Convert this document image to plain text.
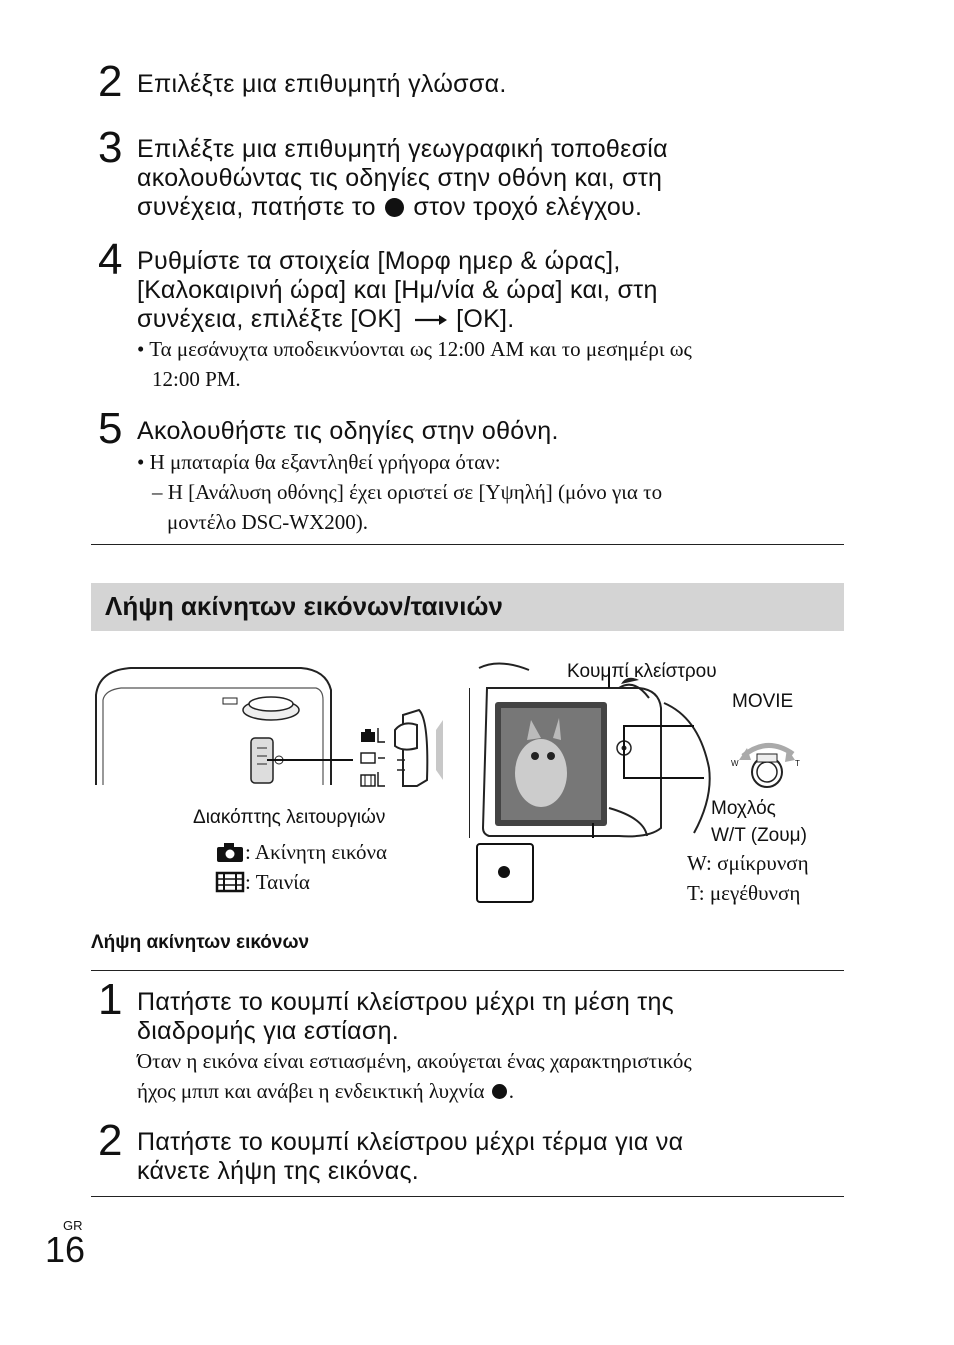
2 Επιλέξτε μια επιθυμητή γλώσσα.
3 Επιλέξτε μια επιθυμητή γεωγραφική τοποθεσία
ακολουθώντας τις οδηγίες στην οθόνη και, στη
συνέχεια, πατήστε το στον τροχό ελέγχου.
4 Ρυθμίστε τα στοιχεία [Μορφ ημερ & ώρας],
[Καλοκαιρινή ώρα] και [Ημ/νία & ώρα] και, στη
συνέχεια, επιλέξτε [OK] [OK].
• Τα μεσάνυχτα υποδεικνύονται ως 12:00 AM και το μεσημέρι ως
12:00 PM.
5 Ακολουθήστε τις οδηγίες στην οθόνη.
• Η μπαταρία θα εξαντληθεί γρήγορα όταν:
– Η [Ανάλυση οθόνης] έχει οριστεί σε [Υψηλή] (μόνο για το
μοντέλο DSC-WX200).
Λήψη ακίνητων εικόνων/ταινιών
Διακόπτης λειτουργιών
: Ακίνητη εικόνα
: Ταινία
W	T
Κουμπί κλείστρου
MOVIE
Μοχλός
W/T (Ζουμ)
W: σμίκρυνση
T: μεγέθυνση
Λήψη ακίνητων εικόνων
1 Πατήστε το κουμπί κλείστρου μέχρι τη μέση της
διαδρομής για εστίαση.
Όταν η εικόνα είναι εστιασμένη, ακούγεται ένας χαρακτηριστικός
ήχος μπιπ και ανάβει η ενδεικτική λυχνία .
2 Πατήστε το κουμπί κλείστρου μέχρι τέρμα για να
κάνετε λήψη της εικόνας.
GR
16
